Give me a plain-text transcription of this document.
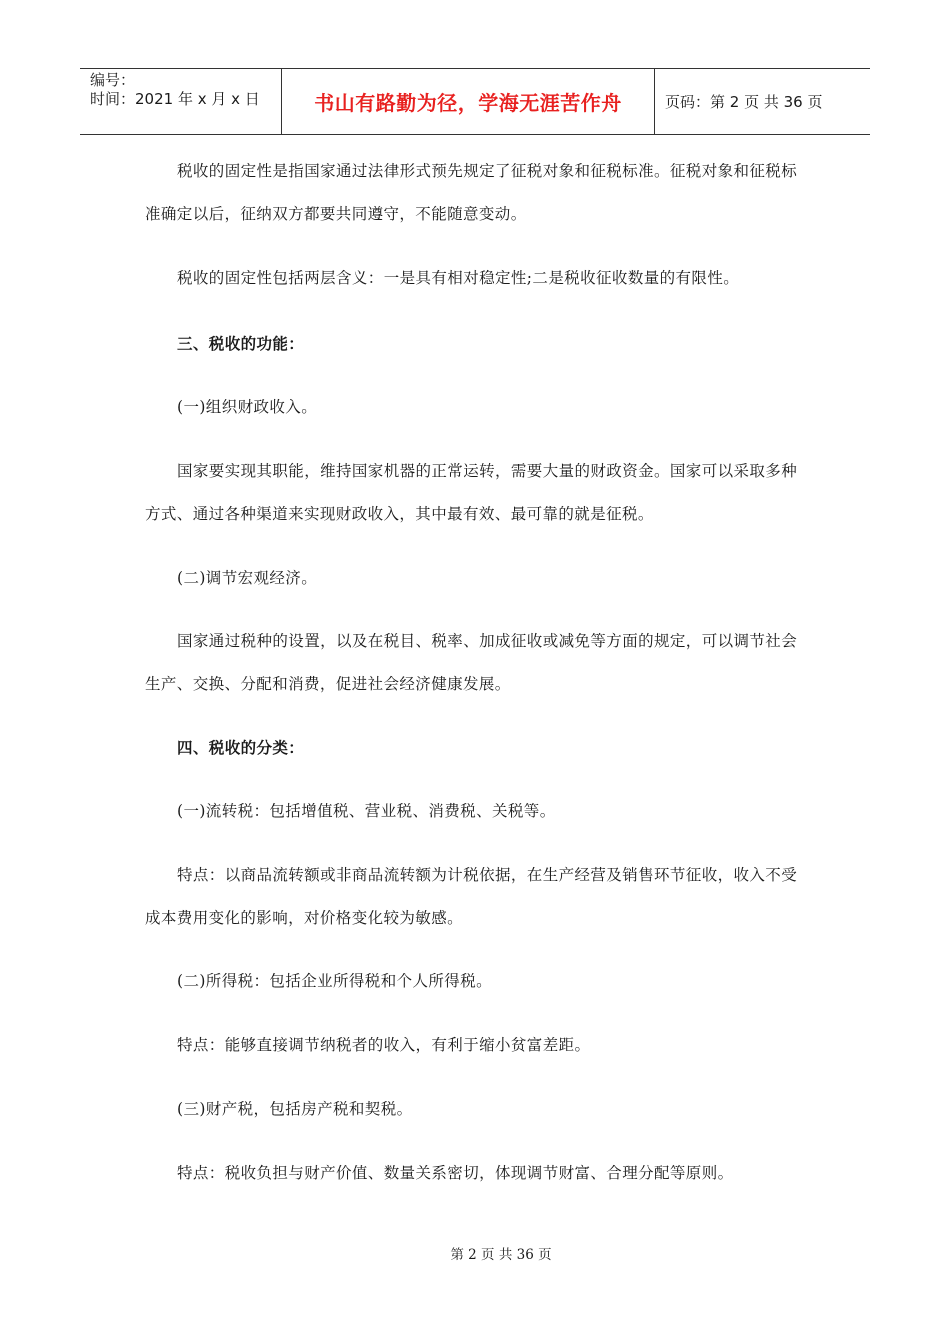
编号：
时间：2021 年 x 月 x 日	书山有路勤为径，学海无涯苦作舟	页码：第 2 页 共 36 页
税收的固定性是指国家通过法律形式预先规定了征税对象和征税标准。征税对象和征税标准确定以后，征纳双方都要共同遵守，不能随意变动。
税收的固定性包括两层含义：一是具有相对稳定性;二是税收征收数量的有限性。
三、税收的功能：
(一)组织财政收入。
国家要实现其职能，维持国家机器的正常运转，需要大量的财政资金。国家可以采取多种方式、通过各种渠道来实现财政收入，其中最有效、最可靠的就是征税。
(二)调节宏观经济。
国家通过税种的设置，以及在税目、税率、加成征收或减免等方面的规定，可以调节社会生产、交换、分配和消费，促进社会经济健康发展。
四、税收的分类：
(一)流转税：包括增值税、营业税、消费税、关税等。
特点：以商品流转额或非商品流转额为计税依据，在生产经营及销售环节征收，收入不受成本费用变化的影响，对价格变化较为敏感。
(二)所得税：包括企业所得税和个人所得税。
特点：能够直接调节纳税者的收入，有利于缩小贫富差距。
(三)财产税，包括房产税和契税。
特点：税收负担与财产价值、数量关系密切，体现调节财富、合理分配等原则。
第 2 页 共 36 页
